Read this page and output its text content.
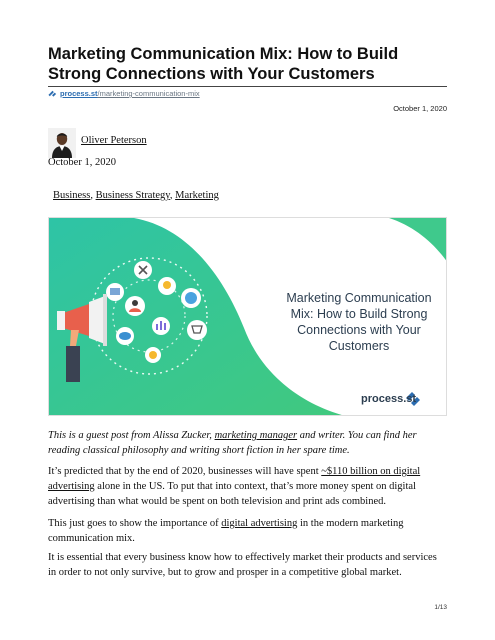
Marketing Communication Mix: How to Build Strong Connections with Your Customers
process.st/marketing-communication-mix
October 1, 2020
Oliver Peterson
October 1, 2020
Business, Business Strategy, Marketing
Marketing Communication Mix: How to Build Strong Connections with Your Customers
process.st

This is a guest post from Alissa Zucker, marketing manager and writer. You can find her reading classical philosophy and writing short fiction in her spare time.

It’s predicted that by the end of 2020, businesses will have spent ~$110 billion on digital advertising alone in the US. To put that into context, that’s more money spent on digital advertising than what would be spent on both television and print ads combined.

This just goes to show the importance of digital advertising in the modern marketing communication mix.

It is essential that every business know how to effectively market their products and services in order to not only survive, but to grow and prosper in a competitive global market.

1/13
